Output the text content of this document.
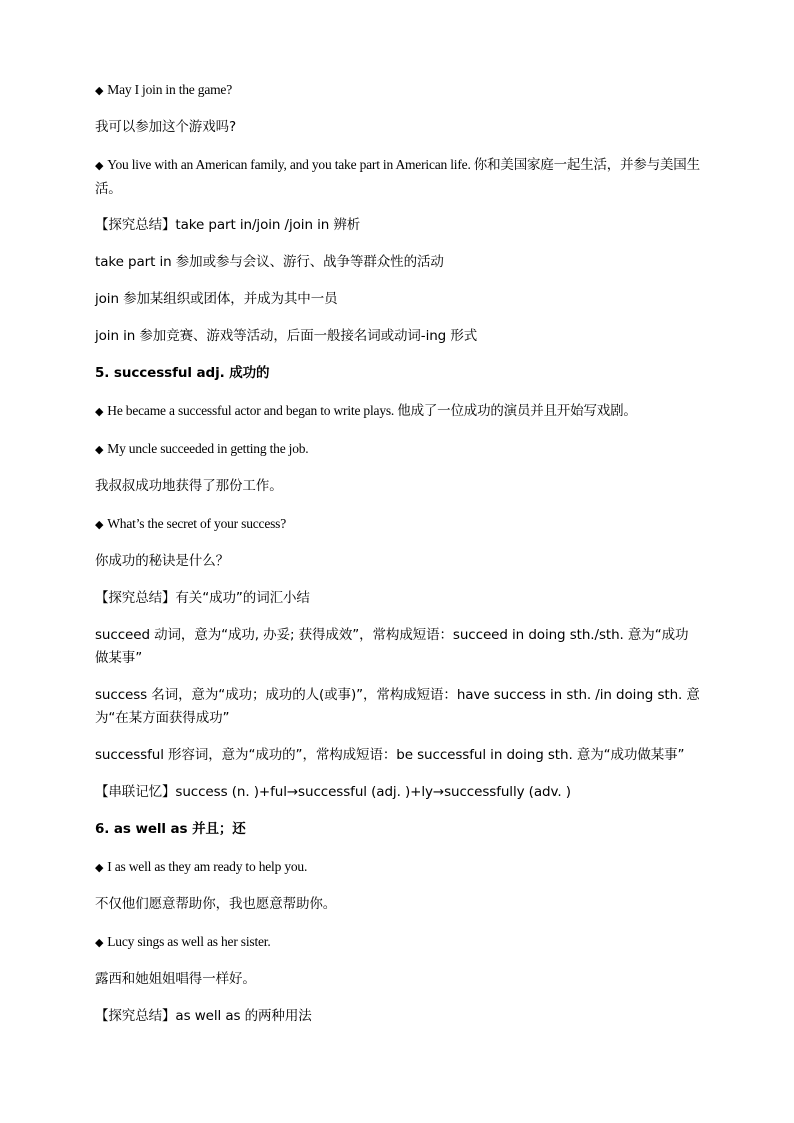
◆ May I join in the game?

我可以参加这个游戏吗?

◆ You live with an American family, and you take part in American life. 你和美国家庭一起生活，并参与美国生活。

【探究总结】take part in/join /join in 辨析

take part in 参加或参与会议、游行、战争等群众性的活动

join 参加某组织或团体，并成为其中一员

join in 参加竞赛、游戏等活动，后面一般接名词或动词-ing 形式

5. successful adj. 成功的

◆ He became a successful actor and began to write plays. 他成了一位成功的演员并且开始写戏剧。

◆ My uncle succeeded in getting the job.

我叔叔成功地获得了那份工作。

◆ What’s the secret of your success?

你成功的秘诀是什么？

【探究总结】有关“成功”的词汇小结

succeed 动词，意为“成功, 办妥; 获得成效”，常构成短语：succeed in doing sth./sth. 意为“成功做某事”

success 名词，意为“成功；成功的人(或事)”，常构成短语：have success in sth. /in doing sth. 意为“在某方面获得成功”

successful 形容词，意为“成功的”，常构成短语：be successful in doing sth. 意为“成功做某事”

【串联记忆】success (n. )+ful→successful (adj. )+ly→successfully (adv. )

6. as well as 并且；还

◆ I as well as they am ready to help you.

不仅他们愿意帮助你，我也愿意帮助你。

◆ Lucy sings as well as her sister.

露西和她姐姐唱得一样好。

【探究总结】as well as 的两种用法
